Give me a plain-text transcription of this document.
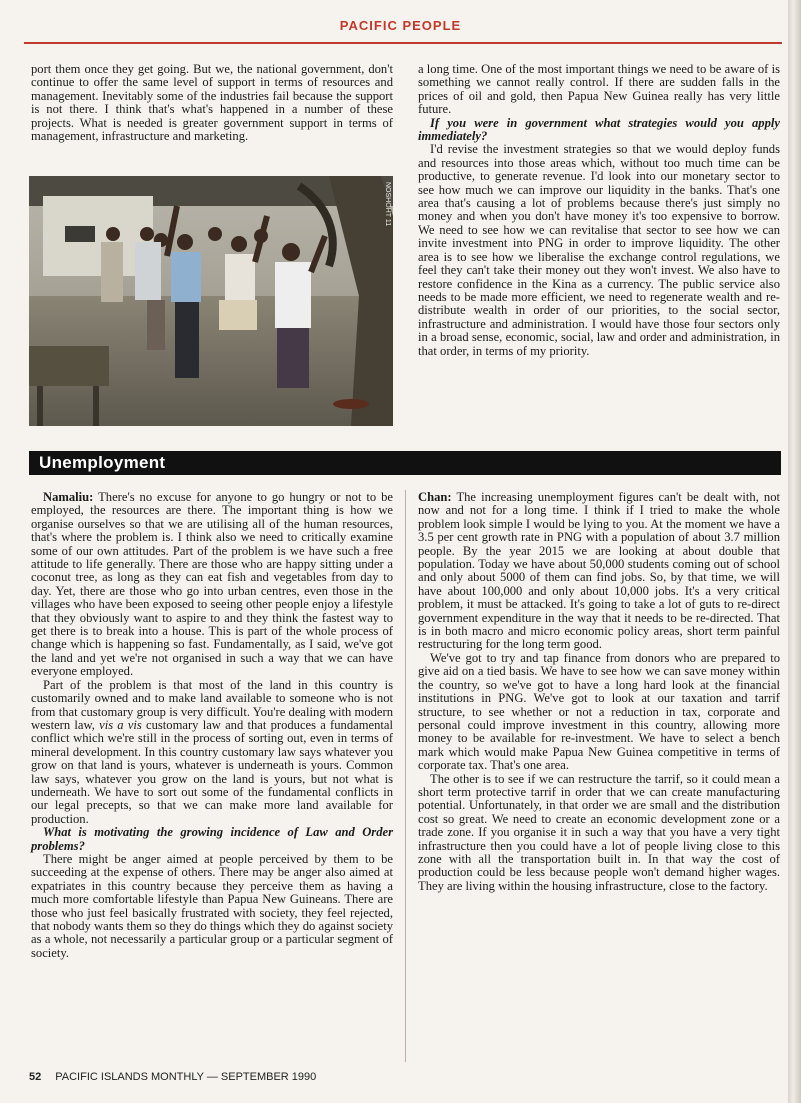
PACIFIC PEOPLE

port them once they get going. But we, the national government, don't continue to offer the same level of support in terms of resources and management. Inevitably some of the industries fail because the support is not there. I think that's what's happened in a number of these projects. What is needed is greater government support in terms of management, infrastructure and marketing.

NOSHOHT 11

a long time. One of the most important things we need to be aware of is something we cannot really control. If there are sudden falls in the prices of oil and gold, then Papua New Guinea really has very little future.

If you were in government what strategies would you apply immediately?

I'd revise the investment strategies so that we would deploy funds and resources into those areas which, without too much time can be productive, to generate revenue. I'd look into our monetary sector to see how much we can improve our liquidity in the banks. That's one area that's causing a lot of problems because there's just simply no money and when you don't have money it's too expensive to borrow. We need to see how we can revitalise that sector to see how we can invite investment into PNG in order to improve liquidity. The other area is to see how we liberalise the exchange control regulations, we feel they can't take their money out they won't invest. We also have to restore confidence in the Kina as a currency. The public service also needs to be made more efficient, we need to regenerate wealth and re-distribute wealth in order of our priorities, to the social sector, infrastructure and administration. I would have those four sectors only in a broad sense, economic, social, law and order and administration, in that order, in terms of my priority.

Unemployment

Namaliu: There's no excuse for anyone to go hungry or not to be employed, the resources are there. The important thing is how we organise ourselves so that we are utilising all of the human resources, that's where the problem is. I think also we need to critically examine some of our own attitudes. Part of the problem is we have such a free attitude to life generally. There are those who are happy sitting under a coconut tree, as long as they can eat fish and vegetables from day to day. Yet, there are those who go into urban centres, even those in the villages who have been exposed to seeing other people enjoy a lifestyle that they obviously want to aspire to and they think the fastest way to get there is to break into a house. This is part of the whole process of change which is happening so fast. Fundamentally, as I said, we've got the land and yet we're not organised in such a way that we can have everyone employed.

Part of the problem is that most of the land in this country is customarily owned and to make land available to someone who is not from that customary group is very difficult. You're dealing with modern western law, vis a vis customary law and that produces a fundamental conflict which we're still in the process of sorting out, even in terms of mineral development. In this country customary law says whatever you grow on that land is yours, whatever is underneath is yours. Common law says, whatever you grow on the land is yours, but not what is underneath. We have to sort out some of the fundamental conflicts in our legal precepts, so that we can make more land available for production.

What is motivating the growing incidence of Law and Order problems?

There might be anger aimed at people perceived by them to be succeeding at the expense of others. There may be anger also aimed at expatriates in this country because they perceive them as having a much more comfortable lifestyle than Papua New Guineans. There are those who just feel basically frustrated with society, they feel rejected, that nobody wants them so they do things which they do against society as a whole, not necessarily a particular group or a particular segment of society.

Chan: The increasing unemployment figures can't be dealt with, not now and not for a long time. I think if I tried to make the whole problem look simple I would be lying to you. At the moment we have a 3.5 per cent growth rate in PNG with a population of about 3.7 million people. By the year 2015 we are looking at about double that population. Today we have about 50,000 students coming out of school and only about 5000 of them can find jobs. So, by that time, we will have about 100,000 and only about 10,000 jobs. It's a very critical problem, it must be attacked. It's going to take a lot of guts to re-direct government expenditure in the way that it needs to be re-directed. That is in both macro and micro economic policy areas, short term painful restructuring for the long term good.

We've got to try and tap finance from donors who are prepared to give aid on a tied basis. We have to see how we can save money within the country, so we've got to have a long hard look at the financial institutions in PNG. We've got to look at our taxation and tarrif structure, to see whether or not a reduction in tax, corporate and personal could improve investment in this country, allowing more money to be available for re-investment. We have to select a bench mark which would make Papua New Guinea competitive in terms of corporate tax. That's one area.

The other is to see if we can restructure the tarrif, so it could mean a short term protective tarrif in order that we can create manufacturing potential. Unfortunately, in that order we are small and the distribution cost so great. We need to create an economic development zone or a trade zone. If you organise it in such a way that you have a very tight infrastructure then you could have a lot of people living close to this zone with all the transportation built in. In that way the cost of production could be less because people won't demand higher wages. They are living within the housing infrastructure, close to the factory.

52 PACIFIC ISLANDS MONTHLY — SEPTEMBER 1990
